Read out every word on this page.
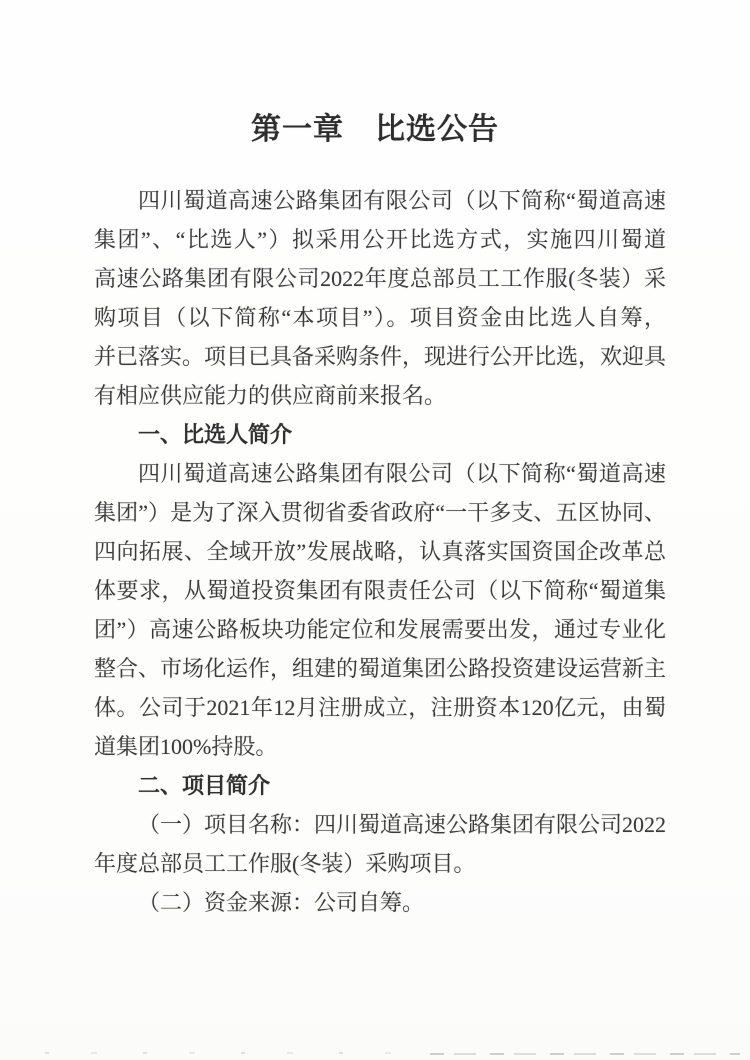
第一章　比选公告
四川蜀道高速公路集团有限公司（以下简称“蜀道高速
集团”、“比选人”）拟采用公开比选方式，实施四川蜀道
高速公路集团有限公司2022年度总部员工工作服(冬装）采
购项目（以下简称“本项目”）。项目资金由比选人自筹，
并已落实。项目已具备采购条件，现进行公开比选，欢迎具
有相应供应能力的供应商前来报名。
一、比选人简介
四川蜀道高速公路集团有限公司（以下简称“蜀道高速
集团”）是为了深入贯彻省委省政府“一干多支、五区协同、
四向拓展、全域开放”发展战略，认真落实国资国企改革总
体要求，从蜀道投资集团有限责任公司（以下简称“蜀道集
团”）高速公路板块功能定位和发展需要出发，通过专业化
整合、市场化运作，组建的蜀道集团公路投资建设运营新主
体。公司于2021年12月注册成立，注册资本120亿元，由蜀
道集团100%持股。
二、项目简介
（一）项目名称：四川蜀道高速公路集团有限公司2022
年度总部员工工作服(冬装）采购项目。
（二）资金来源：公司自筹。
